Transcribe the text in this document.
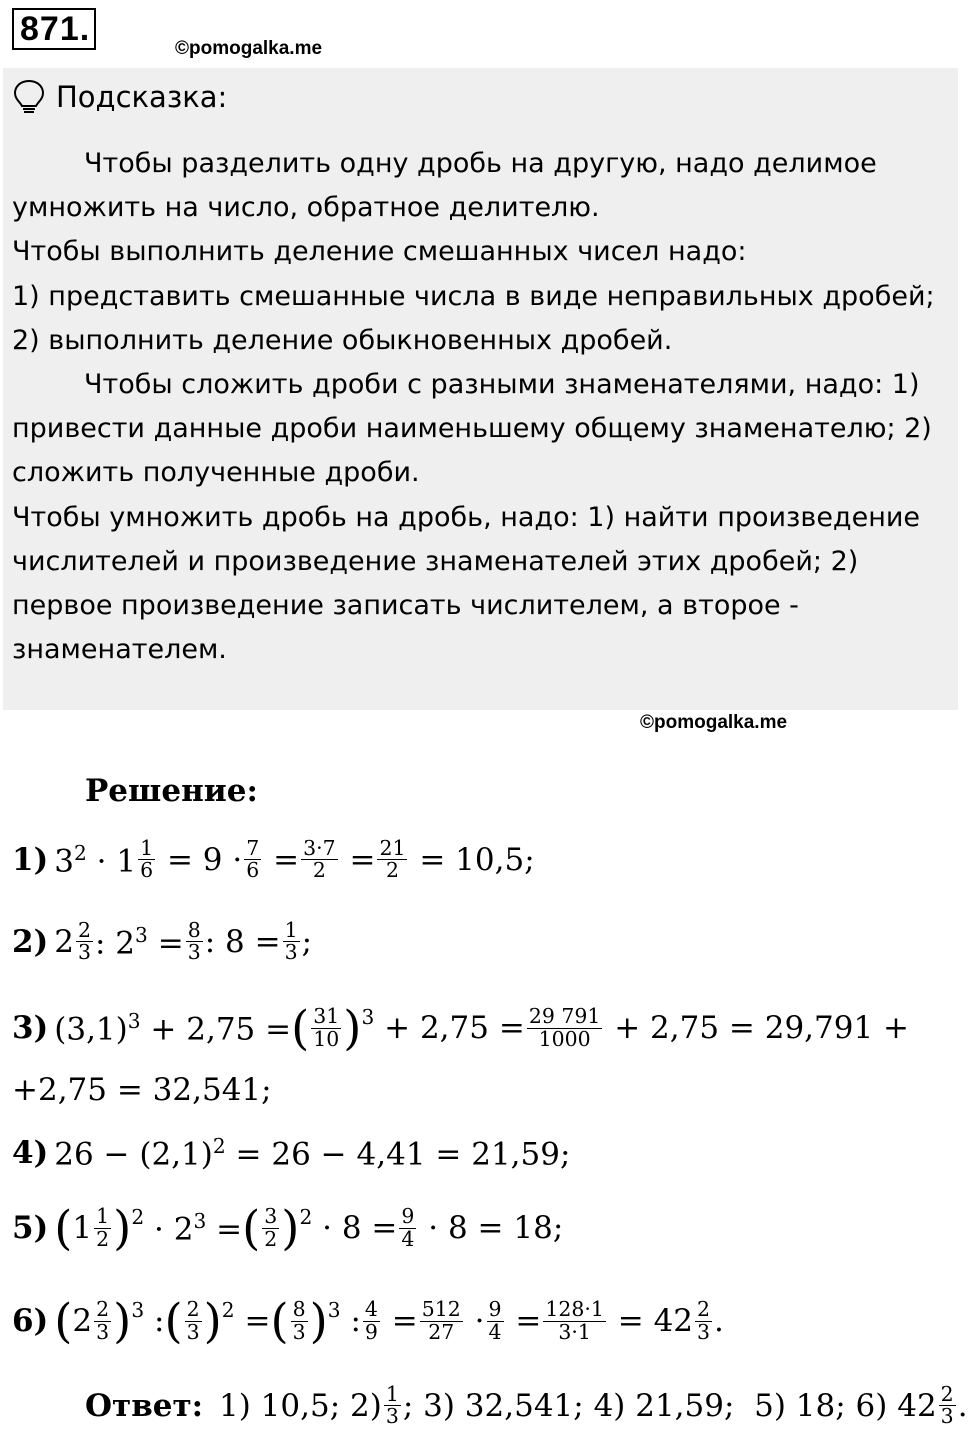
871.
©pomogalka.me
Подсказка:

Чтобы разделить одну дробь на другую, надо делимое умножить на число, обратное делителю.

Чтобы выполнить деление смешанных чисел надо:

1) представить смешанные числа в виде неправильных дробей; 2) выполнить деление обыкновенных дробей.

Чтобы сложить дроби с разными знаменателями, надо: 1) привести данные дроби наименьшему общему знаменателю; 2) сложить полученные дроби.

Чтобы умножить дробь на дробь, надо: 1) найти произведение числителей и произведение знаменателей этих дробей; 2) первое произведение записать числителем, а второе - знаменателем.

©pomogalka.me
Решение:
1) $3^2 \cdot 1 \frac{1}{6} = 9 \cdot \frac{7}{6} = \frac{3\cdot 7}{2} = \frac{21}{2} = 10,5$;
2) $2 \frac{2}{3}$ : $2^3 = \frac{8}{3}$ : $8 = \frac{1}{3}$ ;
3) $(3,1)^3 + 2,75$ = ( $\frac{31}{10} )^3 + 2,75 = \frac{29 791}{1000} + 2,75 = 29,791$ +
+2,75 = 32,541;
4) $26 - (2,1)^2 = 26 - 4,41 = 21,59$;
5) ( $1 \frac{1}{2} )^2 \cdot 2^3$ = ( $\frac{3}{2} )^2 \cdot 8 = \frac{9}{4} \cdot 8 = 18$;
6) ( $2 \frac{2}{3} )^3$ : ( $\frac{2}{3} )^2$ = ( $\frac{8}{3} )^3$ : $\frac{4}{9} = \frac{512}{27} \cdot \frac{9}{4} = \frac{128\cdot 1}{3\cdot 1} = 42 \frac{2}{3}$ .
Ответ: 1) 10,5; $2) \frac{1}{3}$ ; 3) 32,541; 4) 21,59;  5) 18; 6) $42 \frac{2}{3}$ .
